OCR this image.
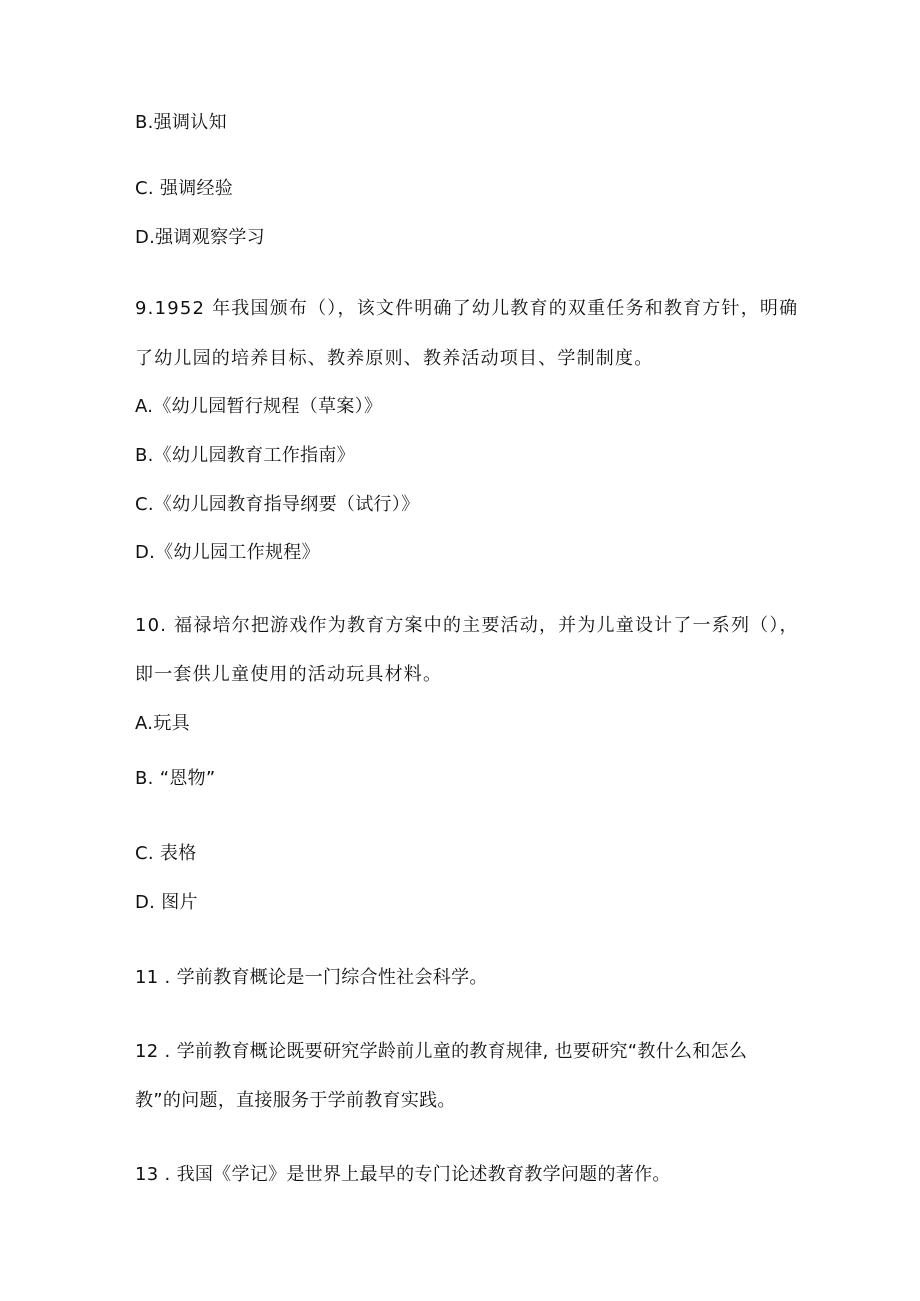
B.强调认知
C. 强调经验
D.强调观察学习
9.1952 年我国颁布（），该文件明确了幼儿教育的双重任务和教育方针，明确
了幼儿园的培养目标、教养原则、教养活动项目、学制制度。
A.《幼儿园暂行规程（草案）》
B.《幼儿园教育工作指南》
C.《幼儿园教育指导纲要（试行）》
D.《幼儿园工作规程》
10. 福禄培尔把游戏作为教育方案中的主要活动，并为儿童设计了一系列（），
即一套供儿童使用的活动玩具材料。
A.玩具
B. “恩物”
C. 表格
D. 图片
11 . 学前教育概论是一门综合性社会科学。
12 . 学前教育概论既要研究学龄前儿童的教育规律, 也要研究“教什么和怎么
教”的问题，直接服务于学前教育实践。
13 . 我国《学记》是世界上最早的专门论述教育教学问题的著作。
